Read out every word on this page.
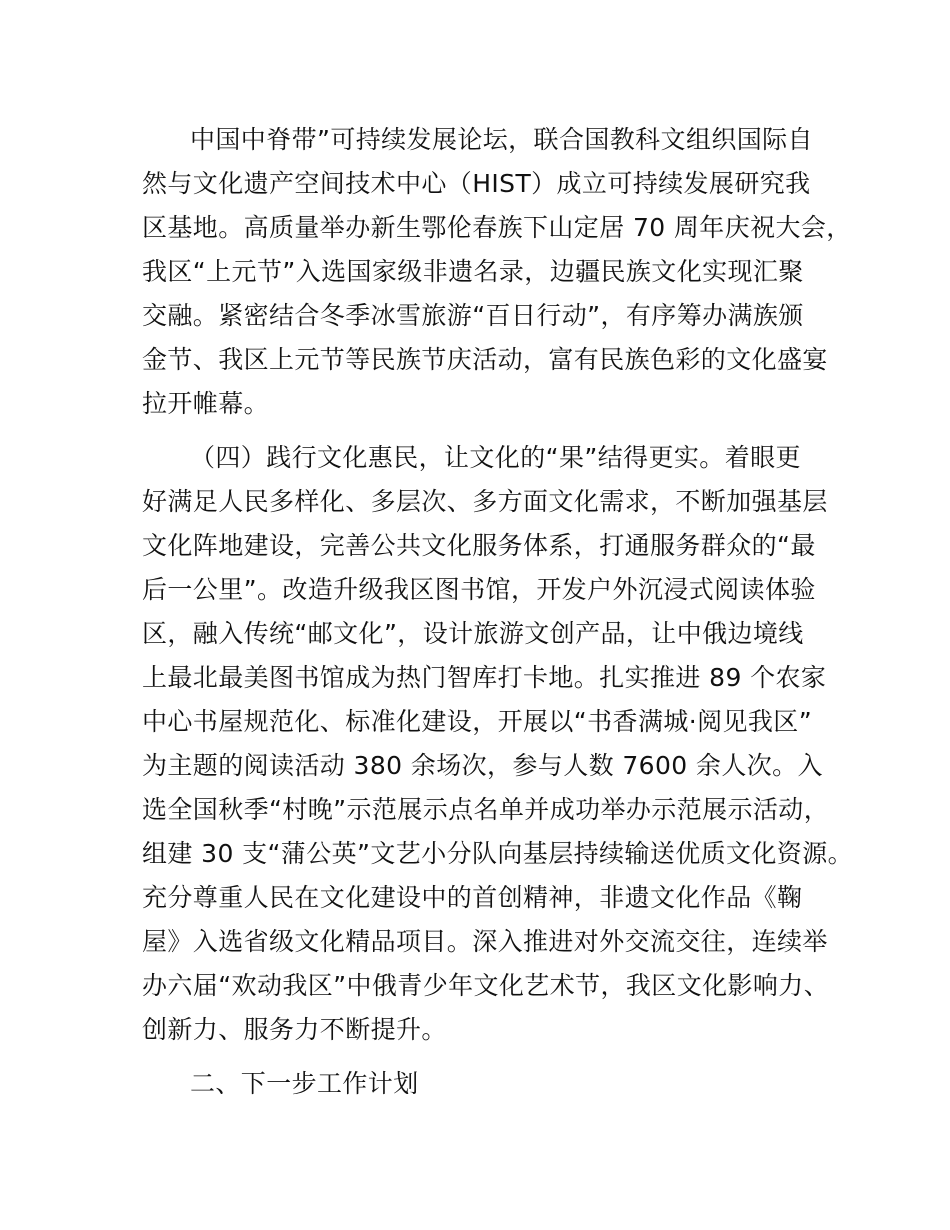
中国中脊带”可持续发展论坛，联合国教科文组织国际自
然与文化遗产空间技术中心（HIST）成立可持续发展研究我
区基地。高质量举办新生鄂伦春族下山定居 70 周年庆祝大会，
我区“上元节”入选国家级非遗名录，边疆民族文化实现汇聚
交融。紧密结合冬季冰雪旅游“百日行动”，有序筹办满族颁
金节、我区上元节等民族节庆活动，富有民族色彩的文化盛宴
拉开帷幕。
（四）践行文化惠民，让文化的“果”结得更实。着眼更
好满足人民多样化、多层次、多方面文化需求，不断加强基层
文化阵地建设，完善公共文化服务体系，打通服务群众的“最
后一公里”。改造升级我区图书馆，开发户外沉浸式阅读体验
区，融入传统“邮文化”，设计旅游文创产品，让中俄边境线
上最北最美图书馆成为热门智库打卡地。扎实推进 89 个农家
中心书屋规范化、标准化建设，开展以“书香满城·阅见我区”
为主题的阅读活动 380 余场次，参与人数 7600 余人次。入
选全国秋季“村晚”示范展示点名单并成功举办示范展示活动，
组建 30 支“蒲公英”文艺小分队向基层持续输送优质文化资源。
充分尊重人民在文化建设中的首创精神，非遗文化作品《鞠
屋》入选省级文化精品项目。深入推进对外交流交往，连续举
办六届“欢动我区”中俄青少年文化艺术节，我区文化影响力、
创新力、服务力不断提升。
二、下一步工作计划
